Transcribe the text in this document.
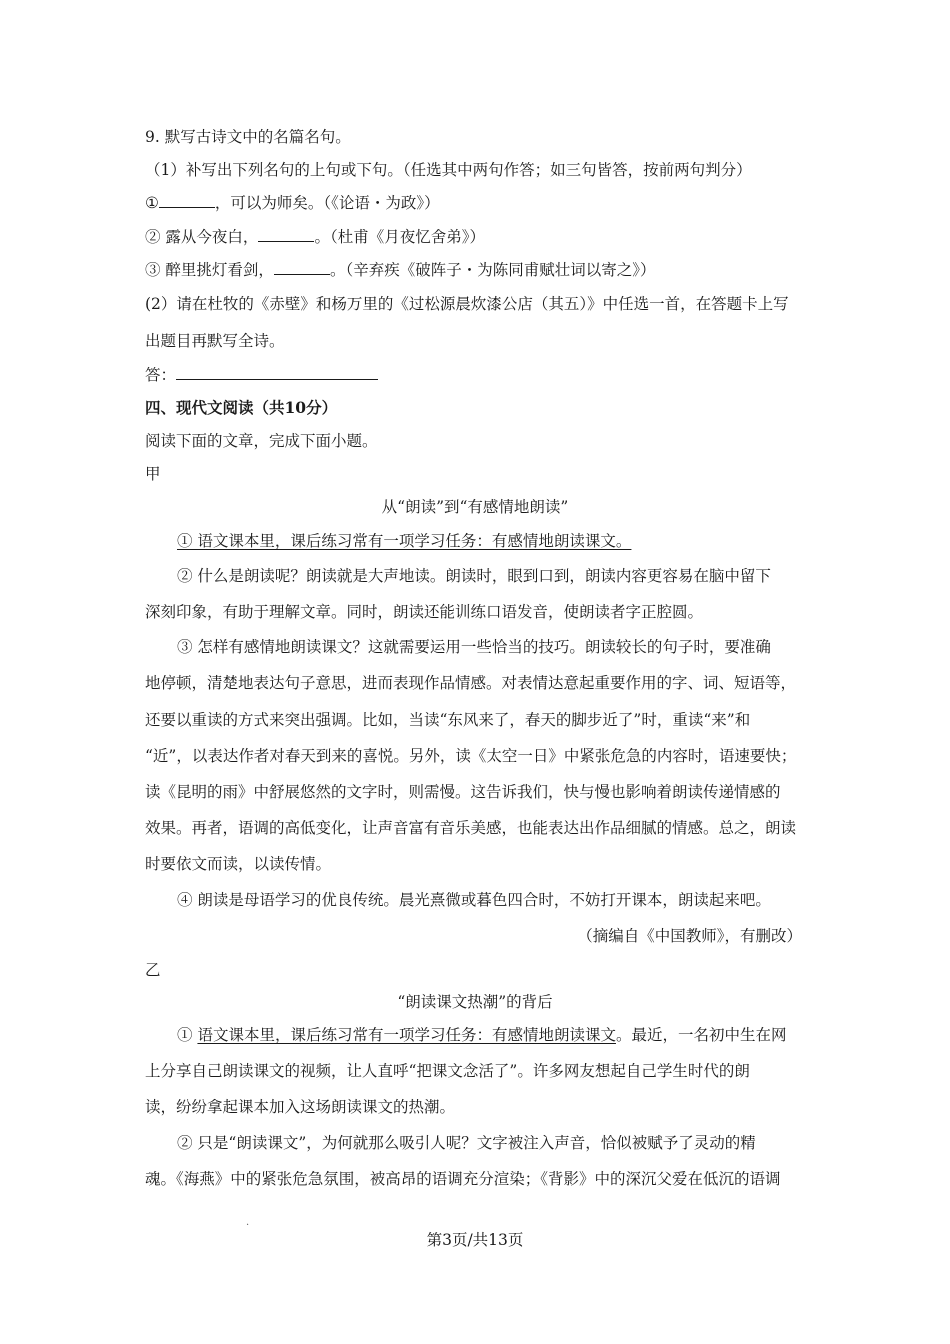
9. 默写古诗文中的名篇名句。
（1）补写出下列名句的上句或下句。（任选其中两句作答；如三句皆答，按前两句判分）
①	，可以为师矣。（《论语・为政》）
② 露从今夜白，	。（杜甫《月夜忆舍弟》）
③ 醉里挑灯看剑，	。（辛弃疾《破阵子・为陈同甫赋壮词以寄之》）
(2）请在杜牧的《赤壁》和杨万里的《过松源晨炊漆公店（其五）》中任选一首，在答题卡上写
出题目再默写全诗。
答：
四、现代文阅读（共10分）
阅读下面的文章，完成下面小题。
甲
从“朗读”到“有感情地朗读”
① 语文课本里，课后练习常有一项学习任务：有感情地朗读课文。
② 什么是朗读呢？朗读就是大声地读。朗读时，眼到口到，朗读内容更容易在脑中留下
深刻印象，有助于理解文章。同时，朗读还能训练口语发音，使朗读者字正腔圆。
③ 怎样有感情地朗读课文？这就需要运用一些恰当的技巧。朗读较长的句子时，要准确
地停顿，清楚地表达句子意思，进而表现作品情感。对表情达意起重要作用的字、词、短语等，
还要以重读的方式来突出强调。比如，当读“东风来了，春天的脚步近了”时，重读“来”和
“近”，以表达作者对春天到来的喜悦。另外，读《太空一日》中紧张危急的内容时，语速要快；
读《昆明的雨》中舒展悠然的文字时，则需慢。这告诉我们，快与慢也影响着朗读传递情感的
效果。再者，语调的高低变化，让声音富有音乐美感，也能表达出作品细腻的情感。总之，朗读
时要依文而读，以读传情。
④ 朗读是母语学习的优良传统。晨光熹微或暮色四合时，不妨打开课本，朗读起来吧。
（摘编自《中国教师》，有删改）
乙
“朗读课文热潮”的背后
① 语文课本里，课后练习常有一项学习任务：有感情地朗读课文。最近，一名初中生在网
上分享自己朗读课文的视频，让人直呼“把课文念活了”。许多网友想起自己学生时代的朗
读，纷纷拿起课本加入这场朗读课文的热潮。
② 只是“朗读课文”，为何就那么吸引人呢？文字被注入声音，恰似被赋予了灵动的精
魂。《海燕》中的紧张危急氛围，被高昂的语调充分渲染；《背影》中的深沉父爱在低沉的语调
·
第3页/共13页
